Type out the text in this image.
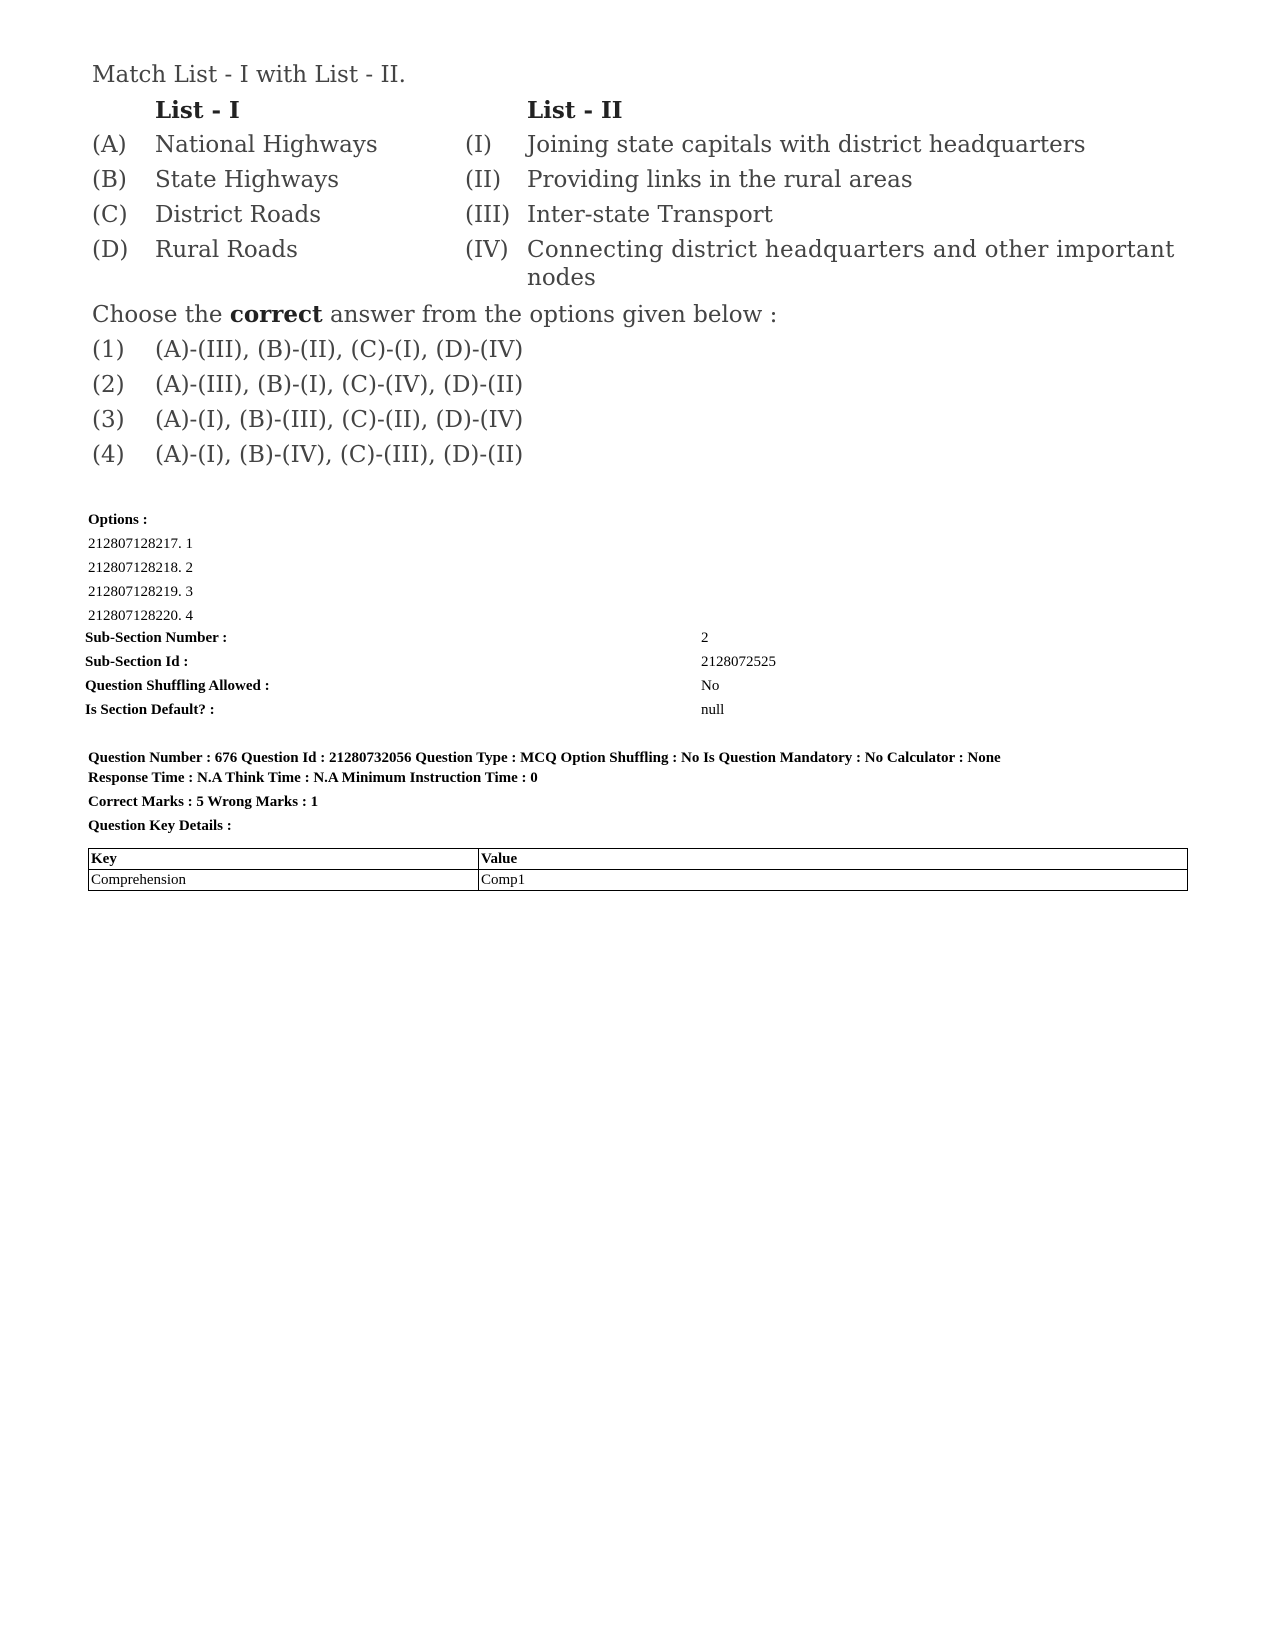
Match List - I with List - II.
List - I	List - II
(A) National Highways	(I) Joining state capitals with district headquarters
(B) State Highways	(II) Providing links in the rural areas
(C) District Roads	(III) Inter-state Transport
(D) Rural Roads	(IV) Connecting district headquarters and other important
nodes
Choose the correct answer from the options given below :
(1) (A)-(III), (B)-(II), (C)-(I), (D)-(IV)
(2) (A)-(III), (B)-(I), (C)-(IV), (D)-(II)
(3) (A)-(I), (B)-(III), (C)-(II), (D)-(IV)
(4) (A)-(I), (B)-(IV), (C)-(III), (D)-(II)
Options :
212807128217. 1
212807128218. 2
212807128219. 3
212807128220. 4
Sub-Section Number :	2
Sub-Section Id :	2128072525
Question Shuffling Allowed :	No
Is Section Default? :	null
Question Number : 676 Question Id : 21280732056 Question Type : MCQ Option Shuffling : No Is Question Mandatory : No Calculator : None
Response Time : N.A Think Time : N.A Minimum Instruction Time : 0
Correct Marks : 5 Wrong Marks : 1
Question Key Details :
Key	Value
Comprehension	Comp1
